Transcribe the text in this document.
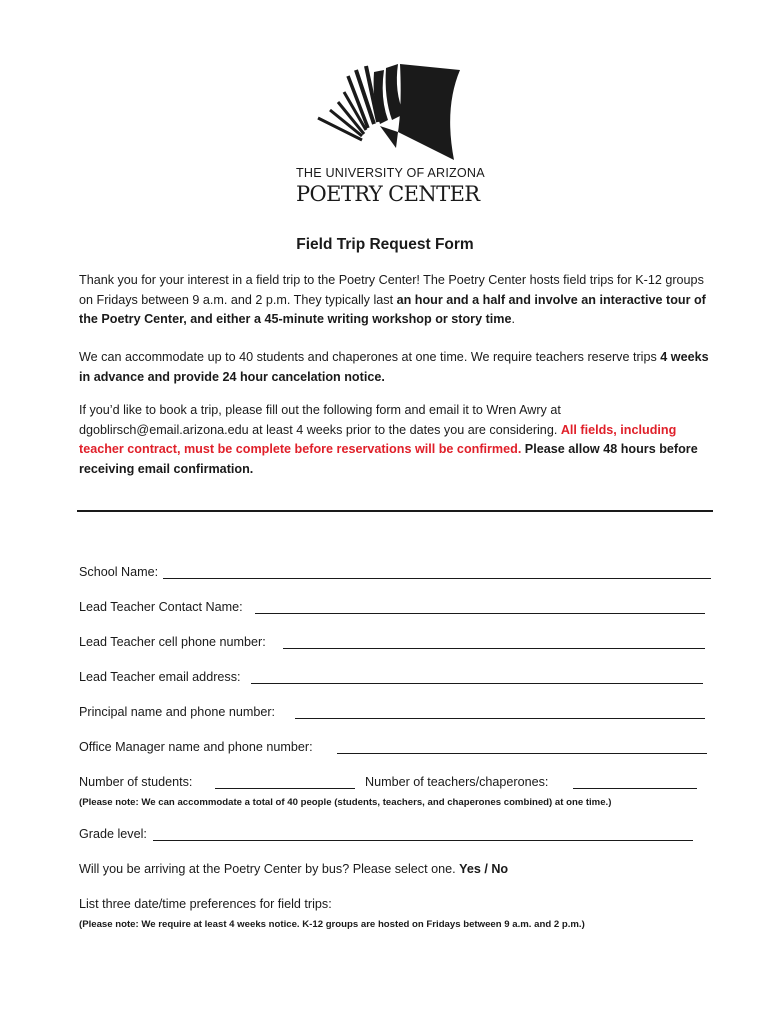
THE UNIVERSITY OF ARIZONA
POETRY CENTER
Field Trip Request Form
Thank you for your interest in a field trip to the Poetry Center! The Poetry Center hosts field trips for K-12 groups on Fridays between 9 a.m. and 2 p.m. They typically last an hour and a half and involve an interactive tour of the Poetry Center, and either a 45-minute writing workshop or story time.
We can accommodate up to 40 students and chaperones at one time. We require teachers reserve trips 4 weeks in advance and provide 24 hour cancelation notice.
If you’d like to book a trip, please fill out the following form and email it to Wren Awry at dgoblirsch@email.arizona.edu at least 4 weeks prior to the dates you are considering. All fields, including teacher contract, must be complete before reservations will be confirmed. Please allow 48 hours before receiving email confirmation.
School Name:
Lead Teacher Contact Name:
Lead Teacher cell phone number:
Lead Teacher email address:
Principal name and phone number:
Office Manager name and phone number:
Number of students:	Number of teachers/chaperones:
(Please note: We can accommodate a total of 40 people (students, teachers, and chaperones combined) at one time.)
Grade level:
Will you be arriving at the Poetry Center by bus? Please select one. Yes / No
List three date/time preferences for field trips:
(Please note: We require at least 4 weeks notice. K-12 groups are hosted on Fridays between 9 a.m. and 2 p.m.)
